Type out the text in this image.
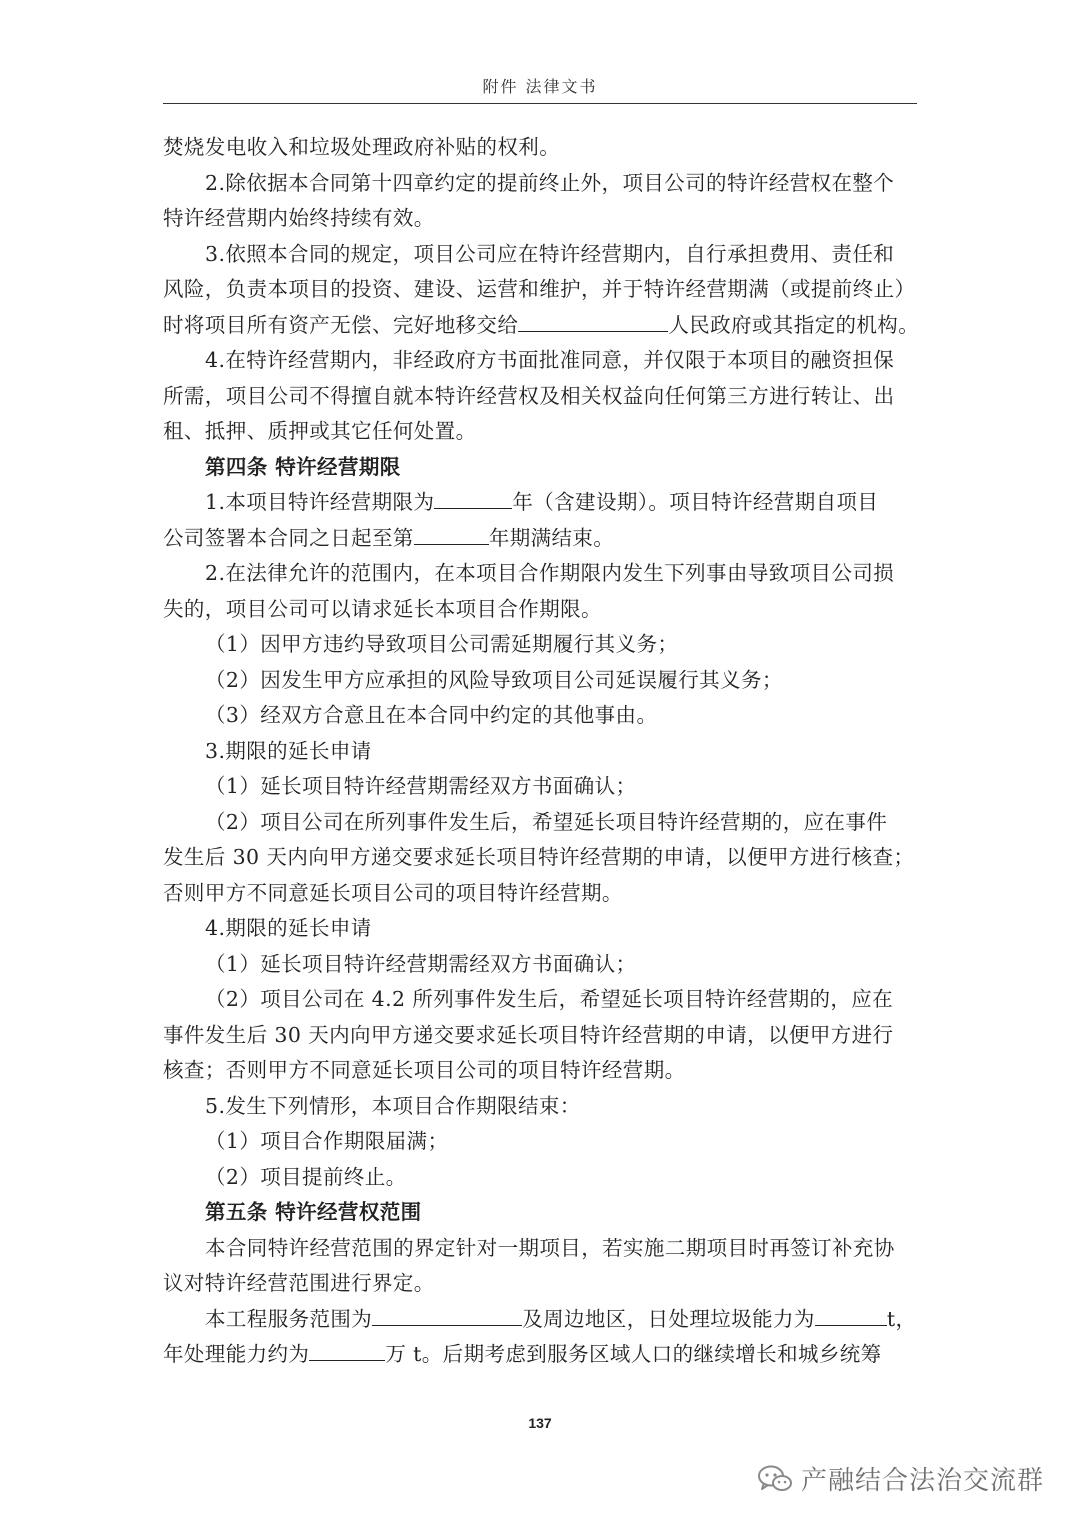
附件 法律文书
焚烧发电收入和垃圾处理政府补贴的权利。
2.除依据本合同第十四章约定的提前终止外，项目公司的特许经营权在整个
特许经营期内始终持续有效。
3.依照本合同的规定，项目公司应在特许经营期内，自行承担费用、责任和
风险，负责本项目的投资、建设、运营和维护，并于特许经营期满（或提前终止）
时将项目所有资产无偿、完好地移交给	人民政府或其指定的机构。
4.在特许经营期内，非经政府方书面批准同意，并仅限于本项目的融资担保
所需，项目公司不得擅自就本特许经营权及相关权益向任何第三方进行转让、出
租、抵押、质押或其它任何处置。
第四条 特许经营期限
1.本项目特许经营期限为	年（含建设期）。项目特许经营期自项目
公司签署本合同之日起至第	年期满结束。
2.在法律允许的范围内，在本项目合作期限内发生下列事由导致项目公司损
失的，项目公司可以请求延长本项目合作期限。
（1）因甲方违约导致项目公司需延期履行其义务；
（2）因发生甲方应承担的风险导致项目公司延误履行其义务；
（3）经双方合意且在本合同中约定的其他事由。
3.期限的延长申请
（1）延长项目特许经营期需经双方书面确认；
（2）项目公司在所列事件发生后，希望延长项目特许经营期的，应在事件
发生后 30 天内向甲方递交要求延长项目特许经营期的申请，以便甲方进行核查；
否则甲方不同意延长项目公司的项目特许经营期。
4.期限的延长申请
（1）延长项目特许经营期需经双方书面确认；
（2）项目公司在 4.2 所列事件发生后，希望延长项目特许经营期的，应在
事件发生后 30 天内向甲方递交要求延长项目特许经营期的申请，以便甲方进行
核查；否则甲方不同意延长项目公司的项目特许经营期。
5.发生下列情形，本项目合作期限结束：
（1）项目合作期限届满；
（2）项目提前终止。
第五条 特许经营权范围
本合同特许经营范围的界定针对一期项目，若实施二期项目时再签订补充协
议对特许经营范围进行界定。
本工程服务范围为	及周边地区，日处理垃圾能力为	t，
年处理能力约为	万 t。后期考虑到服务区域人口的继续增长和城乡统筹
137
产融结合法治交流群
